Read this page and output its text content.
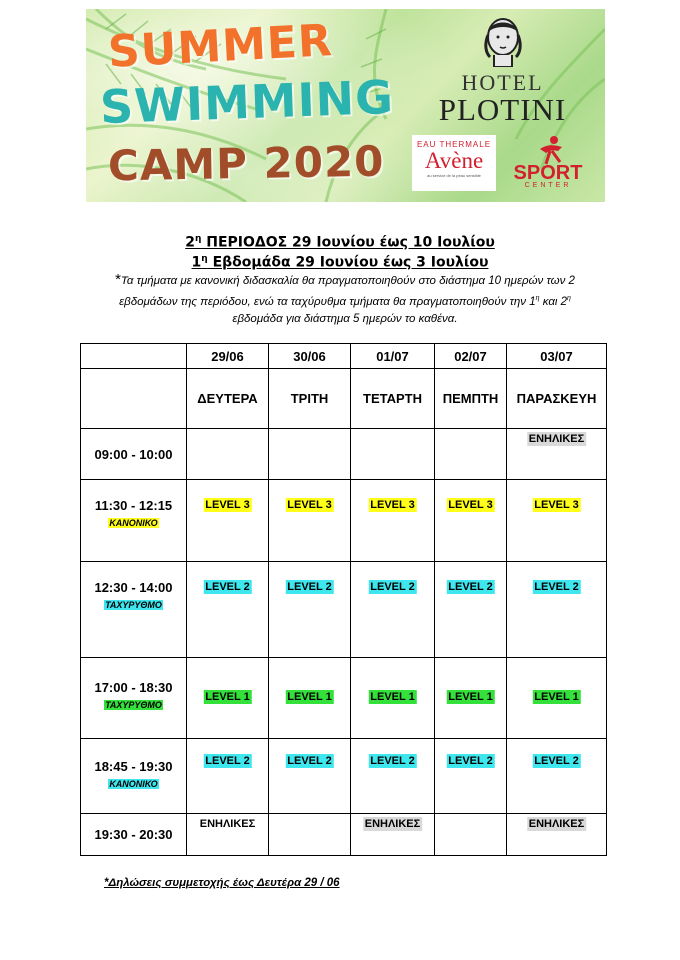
SUMMER
SWIMMING
CAMP 2020
HOTEL
PLOTINI
EAU THERMALE
Avène
au service de la peau sensible	SPORT
CENTER
$2^\eta$ ΠΕΡΙΟΔΟΣ 29 Ιουνίου έως 10 Ιουλίου
$1^\eta$ Εβδομάδα 29 Ιουνίου έως 3 Ιουλίου
*Τα τμήματα με κανονική διδασκαλία θα πραγματοποιηθούν στο διάστημα 10 ημερών των 2 εβδομάδων της περιόδου, ενώ τα ταχύρυθμα τμήματα θα πραγματοποιηθούν την $1^\eta$ και $2^\eta$ εβδομάδα για διάστημα 5 ημερών το καθένα.
	29/06	30/06	01/07	02/07	03/07
	ΔΕΥΤΕΡΑ	ΤΡΙΤΗ	ΤΕΤΑΡΤΗ	ΠΕΜΠΤΗ	ΠΑΡΑΣΚΕΥΗ

09:00 - 10:00					ΕΝΗΛΙΚΕΣ

11:30 - 12:15
ΚΑΝΟΝΙΚΟ	LEVEL 3	LEVEL 3	LEVEL 3	LEVEL 3	LEVEL 3

12:30 - 14:00
ΤΑΧΥΡΥΘΜΟ	LEVEL 2	LEVEL 2	LEVEL 2	LEVEL 2	LEVEL 2

17:00 - 18:30
ΤΑΧΥΡΥΘΜΟ	LEVEL 1	LEVEL 1	LEVEL 1	LEVEL 1	LEVEL 1

18:45 - 19:30
ΚΑΝΟΝΙΚΟ	LEVEL 2	LEVEL 2	LEVEL 2	LEVEL 2	LEVEL 2

19:30 - 20:30	ΕΝΗΛΙΚΕΣ		ΕΝΗΛΙΚΕΣ		ΕΝΗΛΙΚΕΣ
*Δηλώσεις συμμετοχής έως Δευτέρα 29 / 06
